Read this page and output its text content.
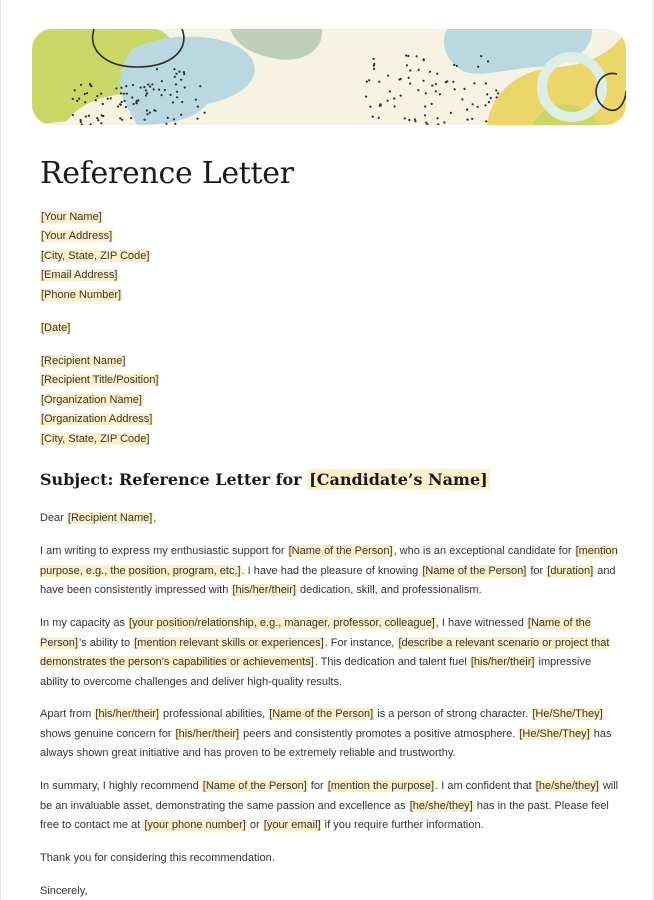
Reference Letter
[Your Name]
[Your Address]
[City, State, ZIP Code]
[Email Address]
[Phone Number]
[Date]
[Recipient Name]
[Recipient Title/Position]
[Organization Name]
[Organization Address]
[City, State, ZIP Code]
Subject: Reference Letter for [Candidate’s Name]
Dear [Recipient Name],

I am writing to express my enthusiastic support for [Name of the Person], who is an exceptional candidate for [mention purpose, e.g., the position, program, etc.]. I have had the pleasure of knowing [Name of the Person] for [duration] and have been consistently impressed with [his/her/their] dedication, skill, and professionalism.

In my capacity as [your position/relationship, e.g., manager, professor, colleague], I have witnessed [Name of the Person]’s ability to [mention relevant skills or experiences]. For instance, [describe a relevant scenario or project that demonstrates the person’s capabilities or achievements]. This dedication and talent fuel [his/her/their] impressive ability to overcome challenges and deliver high-quality results.

Apart from [his/her/their] professional abilities, [Name of the Person] is a person of strong character. [He/She/They] shows genuine concern for [his/her/their] peers and consistently promotes a positive atmosphere. [He/She/They] has always shown great initiative and has proven to be extremely reliable and trustworthy.

In summary, I highly recommend [Name of the Person] for [mention the purpose]. I am confident that [he/she/they] will be an invaluable asset, demonstrating the same passion and excellence as [he/she/they] has in the past. Please feel free to contact me at [your phone number] or [your email] if you require further information.

Thank you for considering this recommendation.
Sincerely,
